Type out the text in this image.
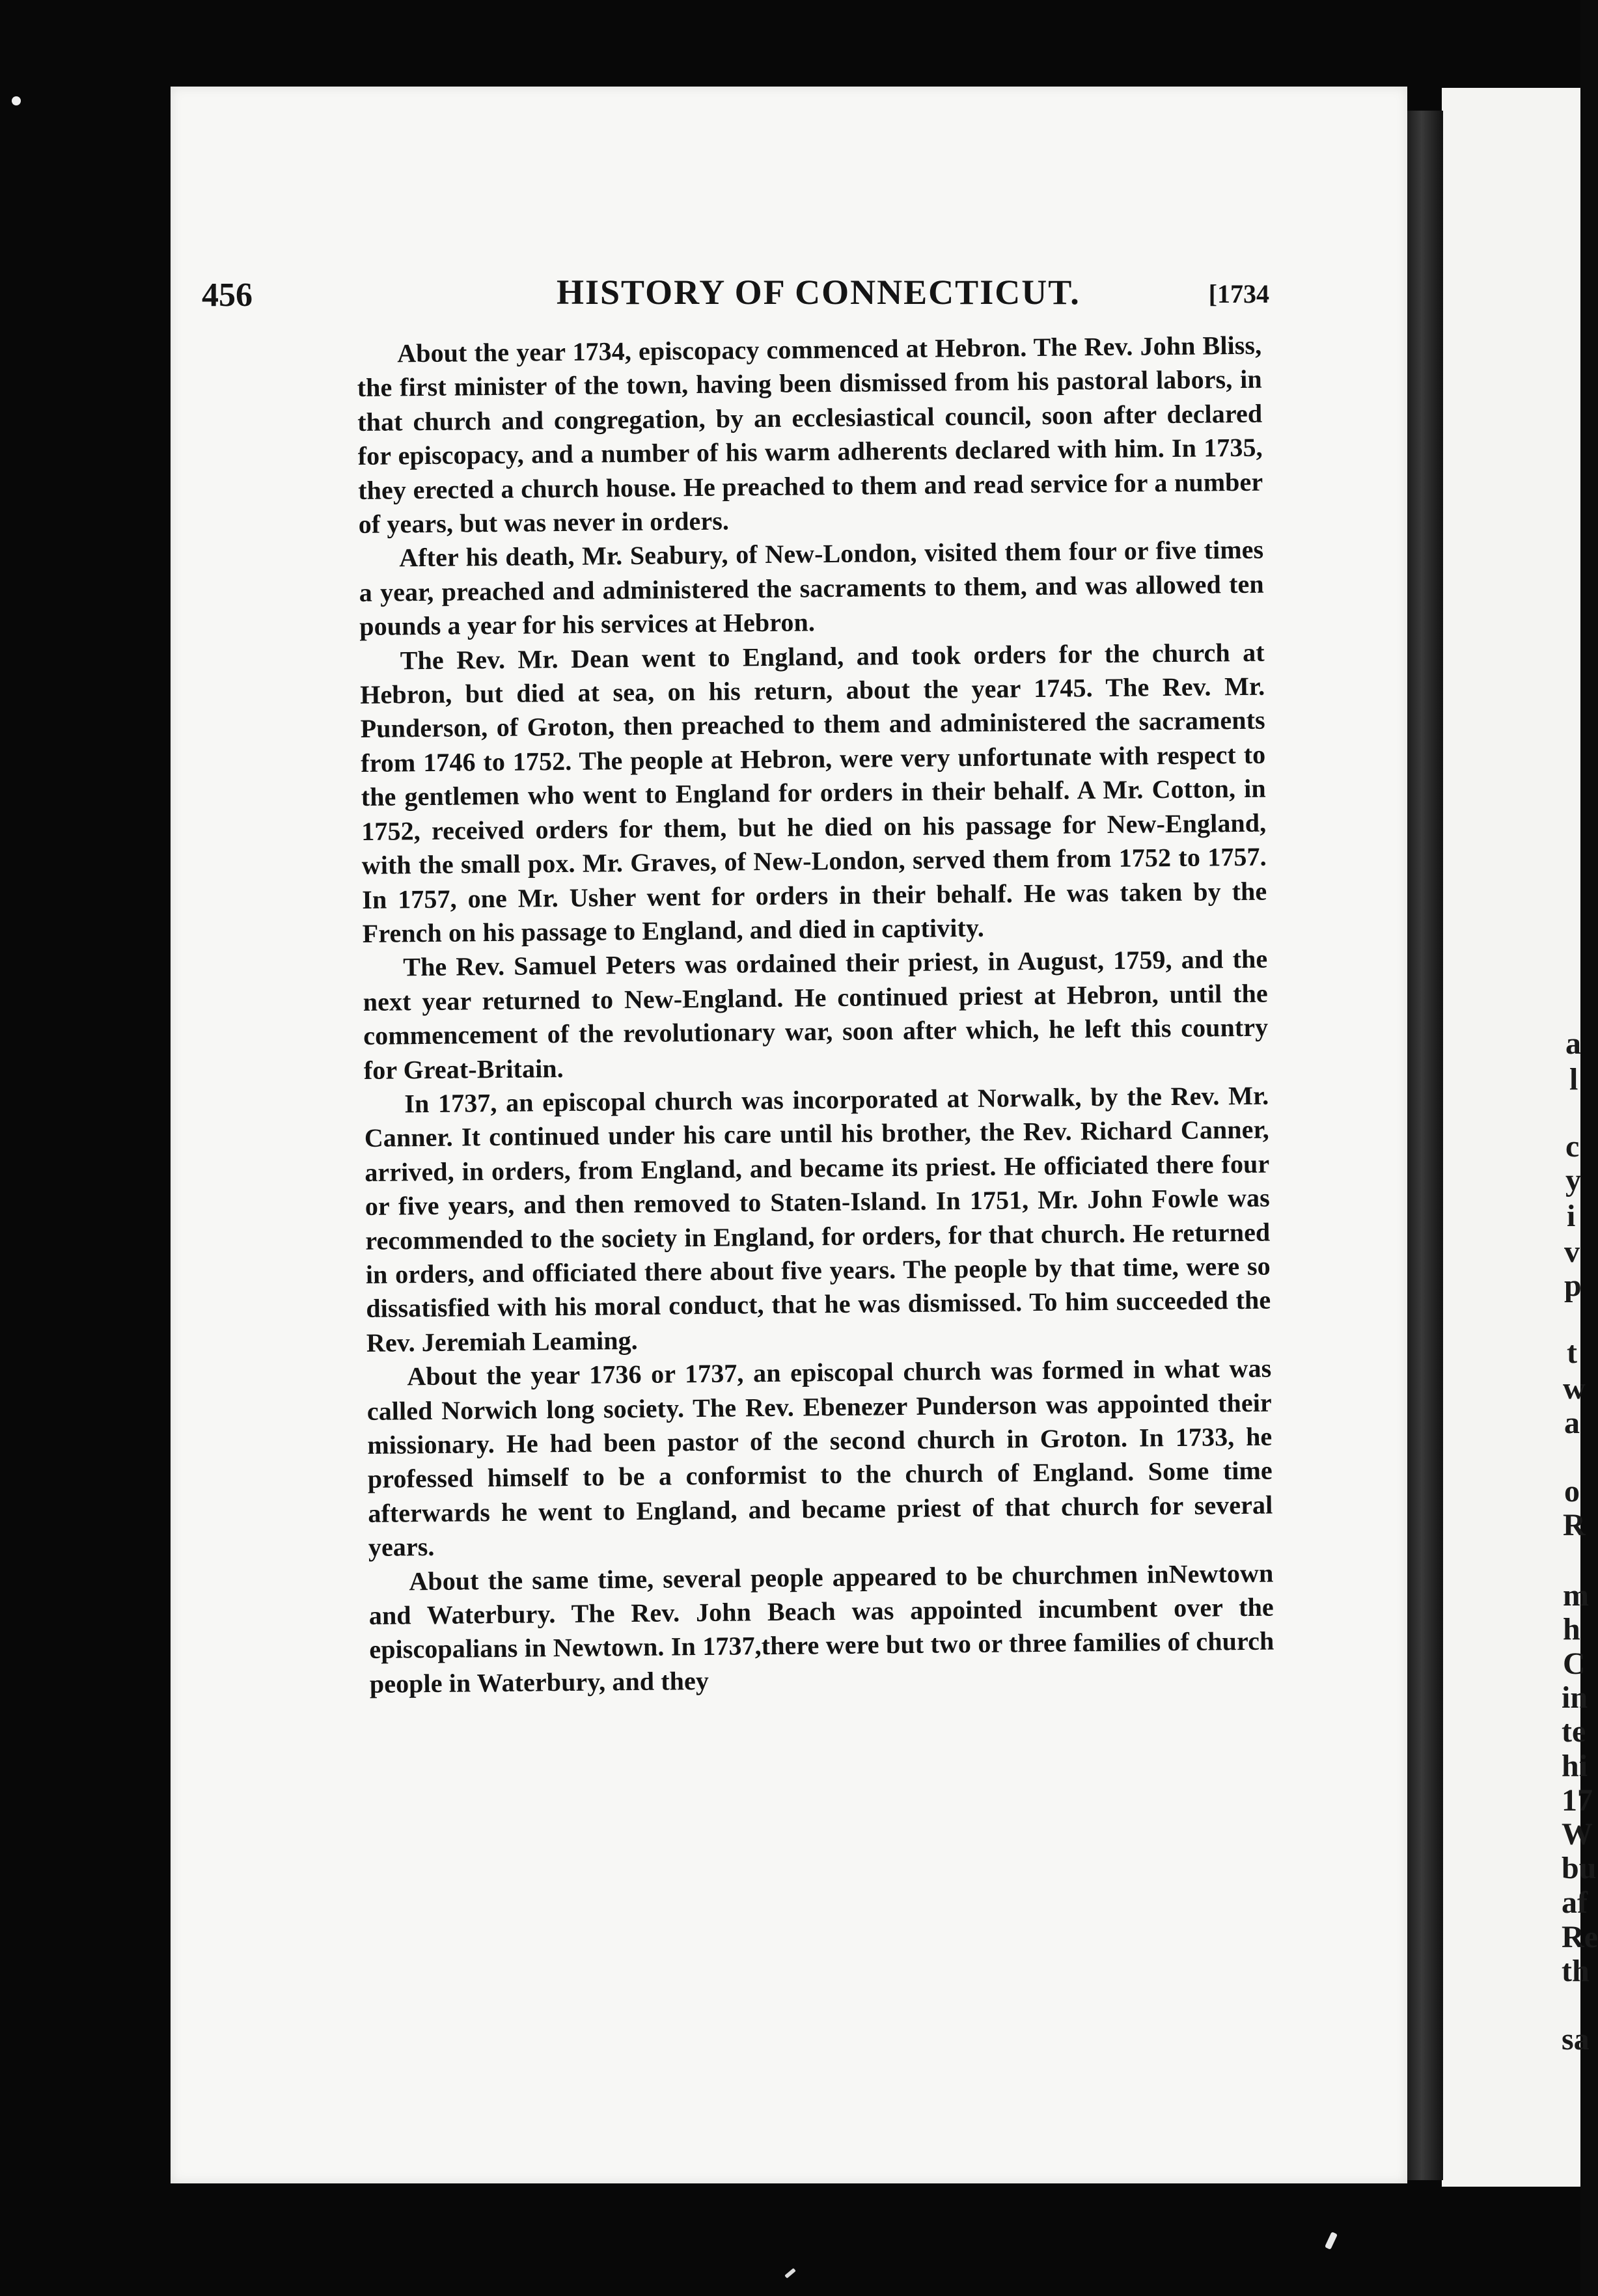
a
l
c
y
i
v
p
t
w
a
o
R
m
h
C
in
te
hi
17
W
bu
af
Re
th
sa
456	HISTORY OF CONNECTICUT.	[1734

About the year 1734, episcopacy commenced at Hebron. The Rev. John Bliss, the first minister of the town, having been dismissed from his pastoral labors, in that church and congregation, by an ecclesiastical council, soon after declared for episcopacy, and a number of his warm adherents declared with him. In 1735, they erected a church house. He preached to them and read service for a number of years, but was never in orders.

After his death, Mr. Seabury, of New-London, visited them four or five times a year, preached and administered the sacraments to them, and was allowed ten pounds a year for his services at Hebron.

The Rev. Mr. Dean went to England, and took orders for the church at Hebron, but died at sea, on his return, about the year 1745. The Rev. Mr. Punderson, of Groton, then preached to them and administered the sacraments from 1746 to 1752. The people at Hebron, were very unfortunate with respect to the gentlemen who went to England for orders in their behalf. A Mr. Cotton, in 1752, received orders for them, but he died on his passage for New-England, with the small pox. Mr. Graves, of New-London, served them from 1752 to 1757. In 1757, one Mr. Usher went for orders in their behalf. He was taken by the French on his passage to England, and died in captivity.

The Rev. Samuel Peters was ordained their priest, in August, 1759, and the next year returned to New-England. He continued priest at Hebron, until the commencement of the revolutionary war, soon after which, he left this country for Great-Britain.

In 1737, an episcopal church was incorporated at Norwalk, by the Rev. Mr. Canner. It continued under his care until his brother, the Rev. Richard Canner, arrived, in orders, from England, and became its priest. He officiated there four or five years, and then removed to Staten-Island. In 1751, Mr. John Fowle was recommended to the society in England, for orders, for that church. He returned in orders, and officiated there about five years. The people by that time, were so dissatisfied with his moral conduct, that he was dismissed. To him succeeded the Rev. Jeremiah Leaming.

About the year 1736 or 1737, an episcopal church was formed in what was called Norwich long society. The Rev. Ebenezer Punderson was appointed their missionary. He had been pastor of the second church in Groton. In 1733, he professed himself to be a conformist to the church of England. Some time afterwards he went to England, and became priest of that church for several years.

About the same time, several people appeared to be churchmen inNewtown and Waterbury. The Rev. John Beach was appointed incumbent over the episcopalians in Newtown. In 1737,there were but two or three families of church people in Waterbury, and they
